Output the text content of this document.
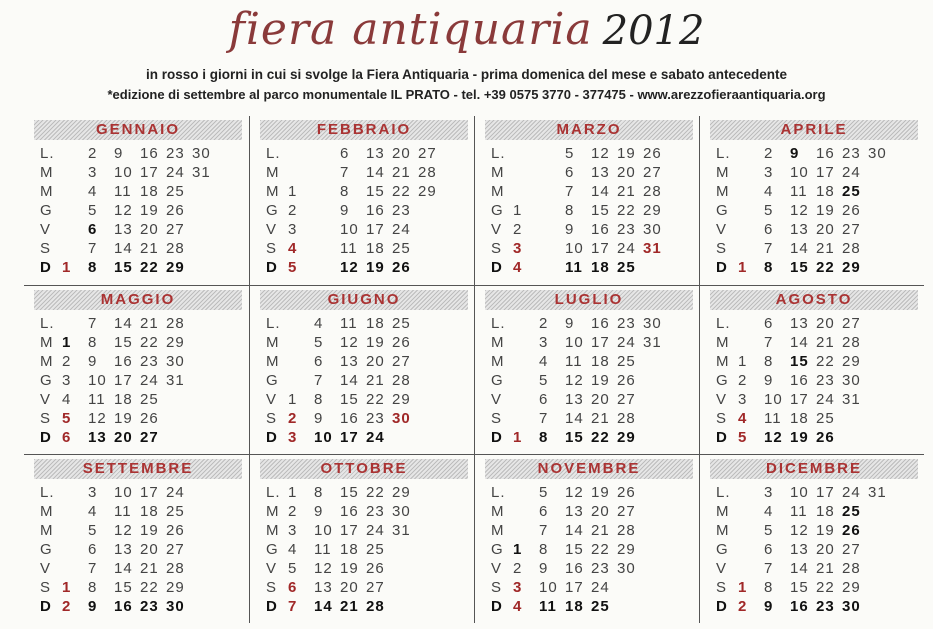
fiera antiquaria 2012
in rosso i giorni in cui si svolge la Fiera Antiquaria - prima domenica del mese e sabato antecedente
*edizione di settembre al parco monumentale IL PRATO - tel. +39 0575 3770 - 377475 - www.arezzofieraantiquaria.org
GENNAIO
L.	2	9	16 23 30
M	3	10 17 24 31
M	4	11 18 25
G	5	12 19 26
V	6	13 20 27
S	7	14 21 28
D 1	8	15 22 29
FEBBRAIO
L.	6	13 20 27
M	7	14 21 28
M 1	8	15 22 29
G 2	9	16 23
V 3	10 17 24
S 4	11 18 25
D 5	12 19 26
MARZO
L.	5	12 19 26
M	6	13 20 27
M	7	14 21 28
G 1	8	15 22 29
V 2	9	16 23 30
S 3	10 17 24 31
D 4	11 18 25
APRILE
L.	2	9	16 23 30
M	3	10 17 24
M	4	11 18 25
G	5	12 19 26
V	6	13 20 27
S	7	14 21 28
D 1	8	15 22 29
MAGGIO
L.	7	14 21 28
M 1	8	15 22 29
M 2	9	16 23 30
G 3	10 17 24 31
V 4	11 18 25
S 5	12 19 26
D 6	13 20 27
GIUGNO
L.	4	11 18 25
M	5	12 19 26
M	6	13 20 27
G	7	14 21 28
V 1	8	15 22 29
S 2	9	16 23 30
D 3	10 17 24
LUGLIO
L.	2	9	16 23 30
M	3	10 17 24 31
M	4	11 18 25
G	5	12 19 26
V	6	13 20 27
S	7	14 21 28
D 1	8	15 22 29
AGOSTO
L.	6	13 20 27
M	7	14 21 28
M 1	8	15 22 29
G 2	9	16 23 30
V 3	10 17 24 31
S 4	11 18 25
D 5	12 19 26
SETTEMBRE
L.	3	10 17 24
M	4	11 18 25
M	5	12 19 26
G	6	13 20 27
V	7	14 21 28
S 1	8	15 22 29
D 2	9	16 23 30
OTTOBRE
L. 1	8	15 22 29
M 2	9	16 23 30
M 3	10 17 24 31
G 4	11 18 25
V 5	12 19 26
S 6	13 20 27
D 7	14 21 28
NOVEMBRE
L.	5	12 19 26
M	6	13 20 27
M	7	14 21 28
G 1	8	15 22 29
V 2	9	16 23 30
S 3	10 17 24
D 4	11 18 25
DICEMBRE
L.	3	10 17 24 31
M	4	11 18 25
M	5	12 19 26
G	6	13 20 27
V	7	14 21 28
S 1	8	15 22 29
D 2	9	16 23 30
